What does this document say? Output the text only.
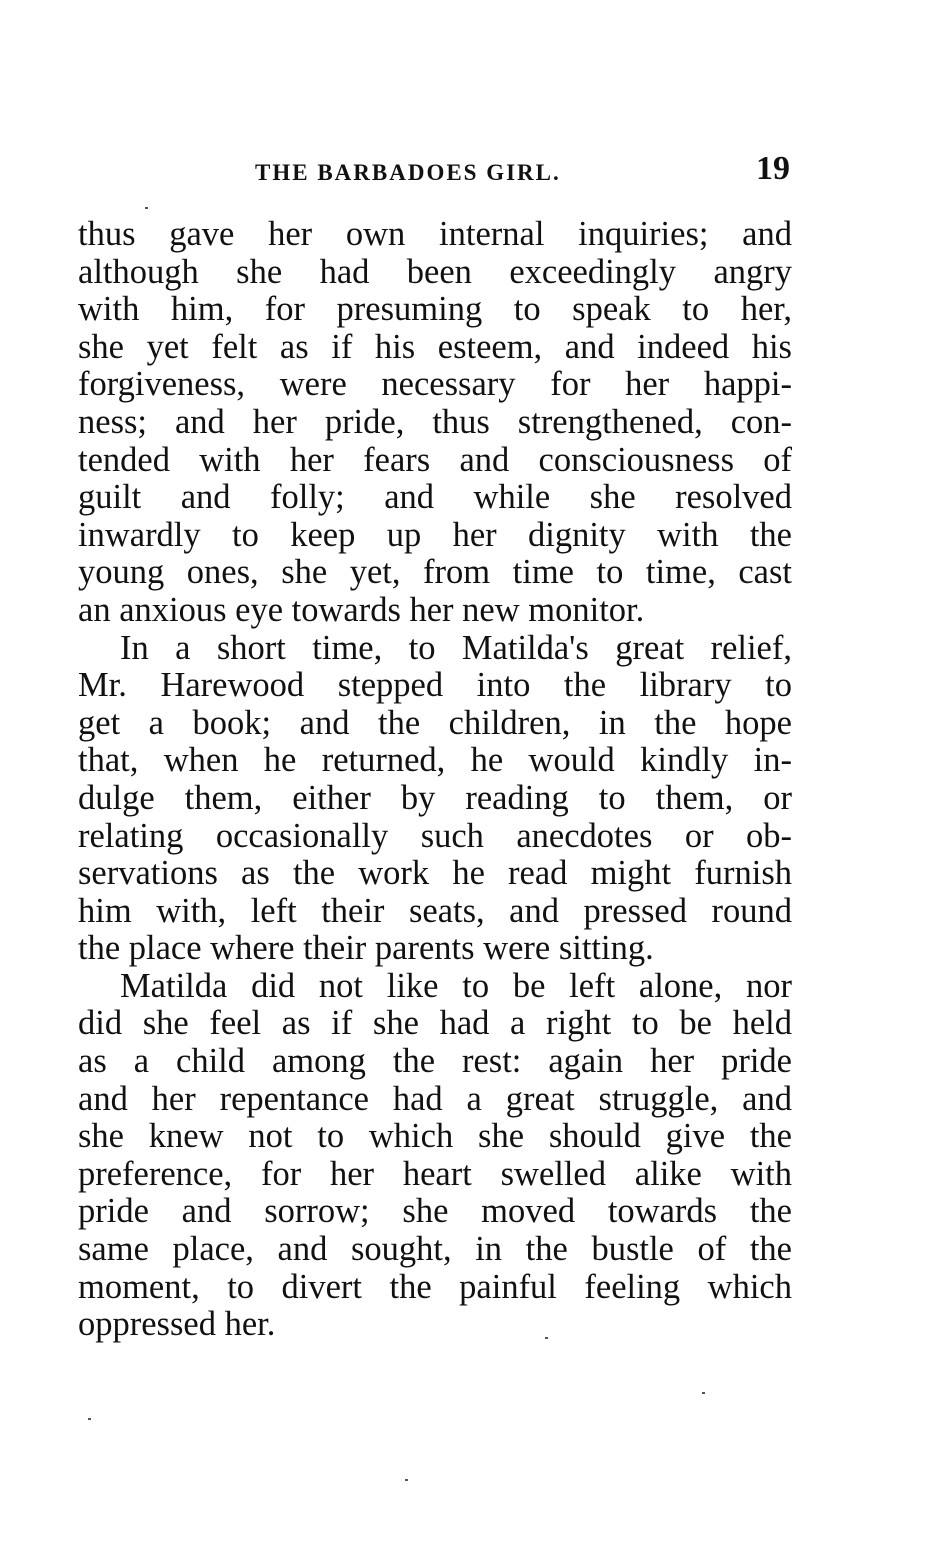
THE BARBADOES GIRL.	19
thus gave her own internal inquiries; and
although she had been exceedingly angry
with him, for presuming to speak to her,
she yet felt as if his esteem, and indeed his
forgiveness, were necessary for her happi-
ness; and her pride, thus strengthened, con-
tended with her fears and consciousness of
guilt and folly; and while she resolved
inwardly to keep up her dignity with the
young ones, she yet, from time to time, cast
an anxious eye towards her new monitor.
In a short time, to Matilda's great relief,
Mr. Harewood stepped into the library to
get a book; and the children, in the hope
that, when he returned, he would kindly in-
dulge them, either by reading to them, or
relating occasionally such anecdotes or ob-
servations as the work he read might furnish
him with, left their seats, and pressed round
the place where their parents were sitting.
Matilda did not like to be left alone, nor
did she feel as if she had a right to be held
as a child among the rest: again her pride
and her repentance had a great struggle, and
she knew not to which she should give the
preference, for her heart swelled alike with
pride and sorrow; she moved towards the
same place, and sought, in the bustle of the
moment, to divert the painful feeling which
oppressed her.
